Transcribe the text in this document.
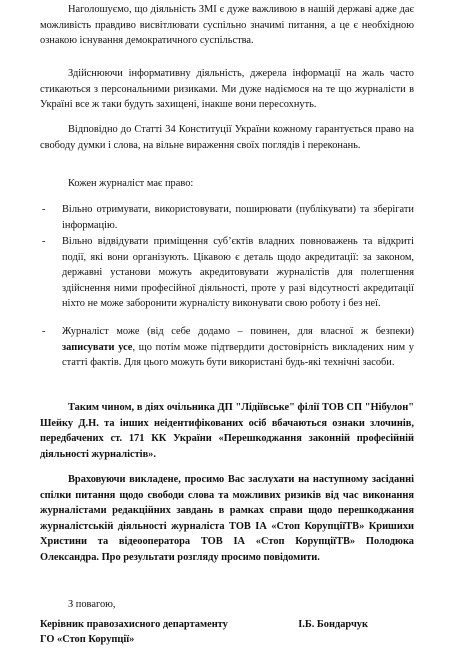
Наголошуємо, що діяльність ЗМІ є дуже важливою в нашій державі адже дає можливість правдиво висвітлювати суспільно значимі питання, а це є необхідною ознакою існування демократичного суспільства.

Здійснюючи інформативну діяльність, джерела інформації на жаль часто стикаються з персональними ризиками. Ми дуже надіємося на те що журналісти в Україні все ж таки будуть захищені, інакше вони пересохнуть.

Відповідно до Статті 34 Конституції України кожному гарантується право на свободу думки і слова, на вільне вираження своїх поглядів і переконань.

Кожен журналіст має право:

- Вільно отримувати, використовувати, поширювати (публікувати) та зберігати інформацію.
- Вільно відвідувати приміщення суб’єктів владних повноважень та відкриті події, які вони організують. Цікавою є деталь щодо акредитації: за законом, державні установи можуть акредитовувати журналістів для полегшення здійснення ними професійної діяльності, проте у разі відсутності акредитації ніхто не може заборонити журналісту виконувати свою роботу і без неї.
- Журналіст може (від себе додамо – повинен, для власної ж безпеки) записувати усе, що потім може підтвердити достовірність викладених ним у статті фактів. Для цього можуть бути використані будь-які технічні засоби.

Таким чином, в діях очільника ДП "Лідіївське" філії ТОВ СП "Нібулон" Шейку Д.Н. та інших неідентифікованих осіб вбачаються ознаки злочинів, передбачених ст. 171 КК України «Перешкоджання законній професійній діяльності журналістів».

Враховуючи викладене, просимо Вас заслухати на наступному засіданні спілки питання щодо свободи слова та можливих ризиків від час виконання журналістами редакційних завдань в рамках справи щодо перешкоджання журналістській діяльності журналіста ТОВ ІА «Стоп КорупціїТВ» Кришихи Христини та відеооператора ТОВ ІА «Стоп КорупціїТВ» Полодюка Олександра. Про результати розгляду просимо повідомити.

З повагою,

Керівник правозахисного департаменту	І.Б. Бондарчук
ГО «Стоп Корупції»
